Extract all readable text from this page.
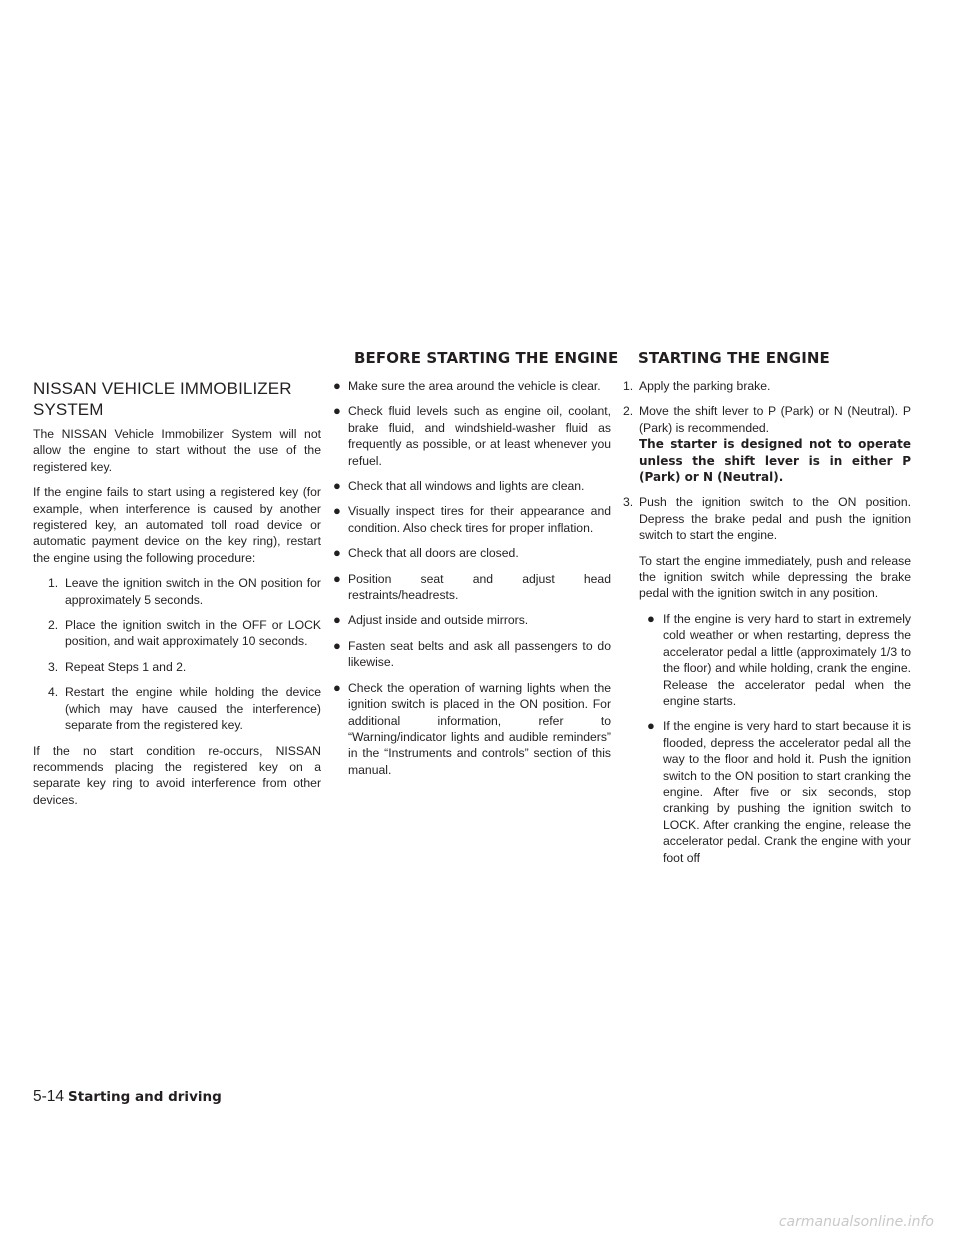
BEFORE STARTING THE ENGINE STARTING THE ENGINE
NISSAN VEHICLE IMMOBILIZER SYSTEM

The NISSAN Vehicle Immobilizer System will not allow the engine to start without the use of the registered key.

If the engine fails to start using a registered key (for example, when interference is caused by another registered key, an automated toll road device or automatic payment device on the key ring), restart the engine using the following procedure:

1. Leave the ignition switch in the ON position for approximately 5 seconds.
2. Place the ignition switch in the OFF or LOCK position, and wait approximately 10 seconds.
3. Repeat Steps 1 and 2.
4. Restart the engine while holding the device (which may have caused the interference) separate from the registered key.

If the no start condition re-occurs, NISSAN recommends placing the registered key on a separate key ring to avoid interference from other devices.

● Make sure the area around the vehicle is clear.
● Check fluid levels such as engine oil, coolant, brake fluid, and windshield-washer fluid as frequently as possible, or at least whenever you refuel.
● Check that all windows and lights are clean.
● Visually inspect tires for their appearance and condition. Also check tires for proper inflation.
● Check that all doors are closed.
● Position seat and adjust head restraints/headrests.
● Adjust inside and outside mirrors.
● Fasten seat belts and ask all passengers to do likewise.
● Check the operation of warning lights when the ignition switch is placed in the ON position. For additional information, refer to “Warning/indicator lights and audible reminders” in the “Instruments and controls” section of this manual.
1. Apply the parking brake.
2. Move the shift lever to P (Park) or N (Neutral). P (Park) is recommended.
The starter is designed not to operate unless the shift lever is in either P (Park) or N (Neutral).
3. Push the ignition switch to the ON position. Depress the brake pedal and push the ignition switch to start the engine.
To start the engine immediately, push and release the ignition switch while depressing the brake pedal with the ignition switch in any position.
● If the engine is very hard to start in extremely cold weather or when restarting, depress the accelerator pedal a little (approximately 1/3 to the floor) and while holding, crank the engine. Release the accelerator pedal when the engine starts.
● If the engine is very hard to start because it is flooded, depress the accelerator pedal all the way to the floor and hold it. Push the ignition switch to the ON position to start cranking the engine. After five or six seconds, stop cranking by pushing the ignition switch to LOCK. After cranking the engine, release the accelerator pedal. Crank the engine with your foot off
5-14 Starting and driving
carmanualsonline.info
